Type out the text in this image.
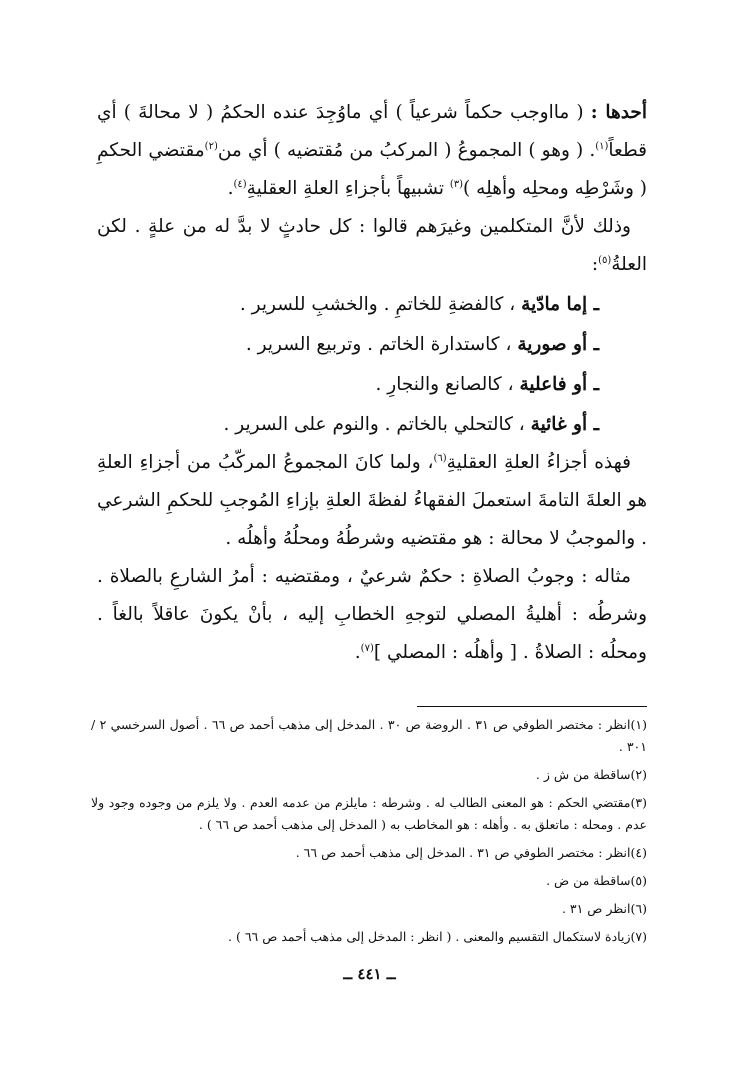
أحدها : ( مااوجب حكماً شرعياً ) أي ماوُجِدَ عنده الحكمُ ( لا محالةَ ) أي قطعاً$^{(١)}$. ( وهو ) المجموعُ ( المركبُ من مُقتضيه ) أي من$^{(٢)}$مقتضي الحكمِ ( وشَرْطِه ومحلِه وأهلِه )$^{(٣)}$ تشبيهاً بأجزاءِ العلةِ العقليةِ$^{(٤)}$.

وذلك لأنَّ المتكلمين وغيرَهم قالوا : كل حادثٍ لا بدَّ له من علةٍ . لكن العلةُ$^{(٥)}$:

ـ إما مادّية ، كالفضةِ للخاتمِ . والخشبِ للسرير .

ـ أو صورية ، كاستدارة الخاتم . وتربيع السرير .

ـ أو فاعلية ، كالصانع والنجارِ .

ـ أو غائية ، كالتحلي بالخاتم . والنوم على السرير .

فهذه أجزاءُ العلةِ العقليةِ$^{(٦)}$، ولما كانَ المجموعُ المركّبُ من أجزاءِ العلةِ هو العلةَ التامةَ استعملَ الفقهاءُ لفظةَ العلةِ بإزاءِ المُوجبِ للحكمِ الشرعي . والموجبُ لا محالة : هو مقتضيه وشرطُهُ ومحلُهُ وأهلُه .

مثاله : وجوبُ الصلاةِ : حكمٌ شرعيٌ ، ومقتضيه : أمرُ الشارعِ بالصلاة . وشرطُه : أهليةُ المصلي لتوجهِ الخطابِ إليه ، بأنْ يكونَ عاقلاً بالغاً . ومحلُه : الصلاةُ . [ وأهلُه : المصلي ]$^{(٧)}$.

(١)انظر : مختصر الطوفي ص ٣١ . الروضة ص ٣٠ . المدخل إلى مذهب أحمد ص ٦٦ . أصول السرخسي ٢ / ٣٠١ .

(٢)ساقطة من ش ز .

(٣)مقتضي الحكم : هو المعنى الطالب له . وشرطه : مايلزم من عدمه العدم . ولا يلزم من وجوده وجود ولا عدم . ومحله : ماتعلق به . وأهله : هو المخاطب به ( المدخل إلى مذهب أحمد ص ٦٦ ) .

(٤)انظر : مختصر الطوفي ص ٣١ . المدخل إلى مذهب أحمد ص ٦٦ .

(٥)ساقطة من ض .

(٦)انظر ص ٣١ .

(٧)زيادة لاستكمال التقسيم والمعنى . ( انظر : المدخل إلى مذهب أحمد ص ٦٦ ) .

ــ ٤٤١ ــ
